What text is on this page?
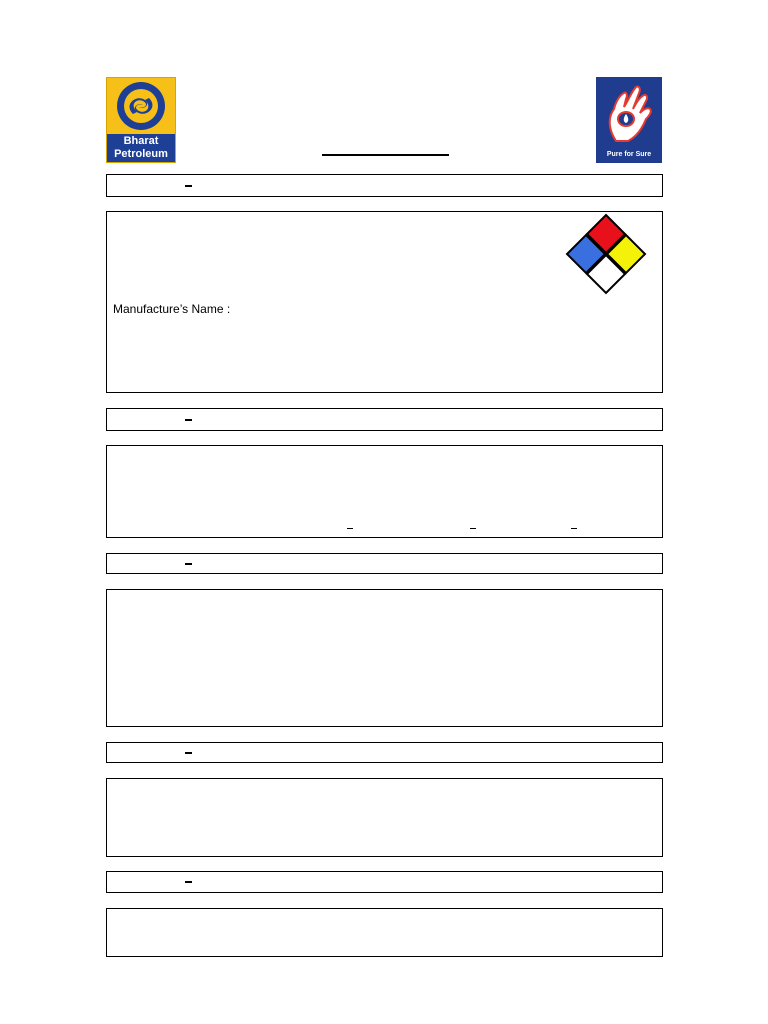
Bharat
Petroleum	Pure for Sure
Manufacture’s Name :
